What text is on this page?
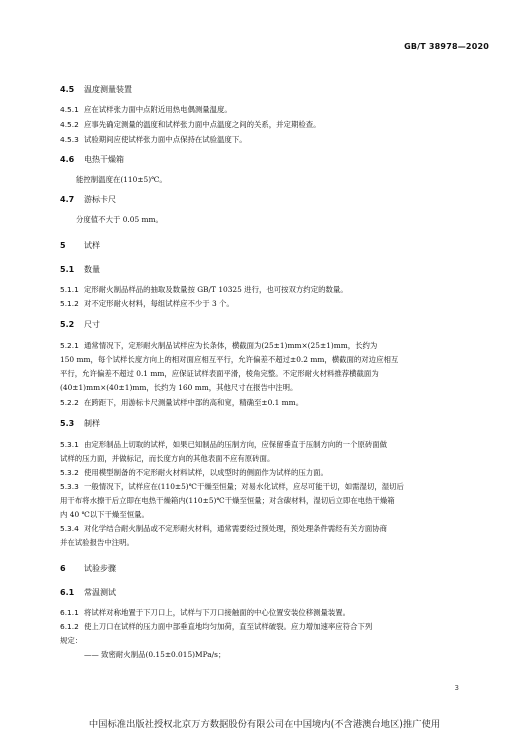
GB/T 38978—2020

4.5 温度测量装置

4.5.1 应在试样张力面中点附近用热电偶测量温度。

4.5.2 应事先确定测量的温度和试样张力面中点温度之间的关系，并定期检查。

4.5.3 试验期间应使试样张力面中点保持在试验温度下。

4.6 电热干燥箱

能控制温度在(110±5)℃。

4.7 游标卡尺

分度值不大于 0.05 mm。

5 试样

5.1 数量

5.1.1 定形耐火制品样品的抽取及数量按 GB/T 10325 进行，也可按双方约定的数量。

5.1.2 对不定形耐火材料，每组试样应不少于 3 个。

5.2 尺寸

5.2.1 通常情况下，定形耐火制品试样应为长条体，横截面为(25±1)mm×(25±1)mm，长约为

150 mm，每个试样长度方向上的相对面应相互平行，允许偏差不超过±0.2 mm，横截面的对边应相互

平行，允许偏差不超过 0.1 mm，应保证试样表面平滑，棱角完整。不定形耐火材料推荐横截面为

(40±1)mm×(40±1)mm，长约为 160 mm，其他尺寸在报告中注明。

5.2.2 在跨距下，用游标卡尺测量试样中部的高和宽，精确至±0.1 mm。

5.3 制样

5.3.1 由定形制品上切取的试样，如果已知制品的压制方向，应保留垂直于压制方向的一个原砖面做

试样的压力面，并做标记，而长度方向的其他表面不应有原砖面。

5.3.2 使用模型制备的不定形耐火材料试样，以成型时的侧面作为试样的压力面。

5.3.3 一般情况下，试样应在(110±5)℃干燥至恒量；对易水化试样，应尽可能干切，如需湿切，湿切后

用干布将水擦干后立即在电热干燥箱内(110±5)℃干燥至恒量；对含碳材料，湿切后立即在电热干燥箱

内 40 ℃以下干燥至恒量。

5.3.4 对化学结合耐火制品或不定形耐火材料，通常需要经过预处理，预处理条件需经有关方面协商

并在试验报告中注明。

6 试验步骤

6.1 常温测试

6.1.1 将试样对称地置于下刀口上，试样与下刀口接触面的中心位置安装位移测量装置。

6.1.2 使上刀口在试样的压力面中部垂直地均匀加荷，直至试样破裂。应力增加速率应符合下列

规定：

—— 致密耐火制品(0.15±0.015)MPa/s；

3
中国标准出版社授权北京万方数据股份有限公司在中国境内(不含港澳台地区)推广使用
